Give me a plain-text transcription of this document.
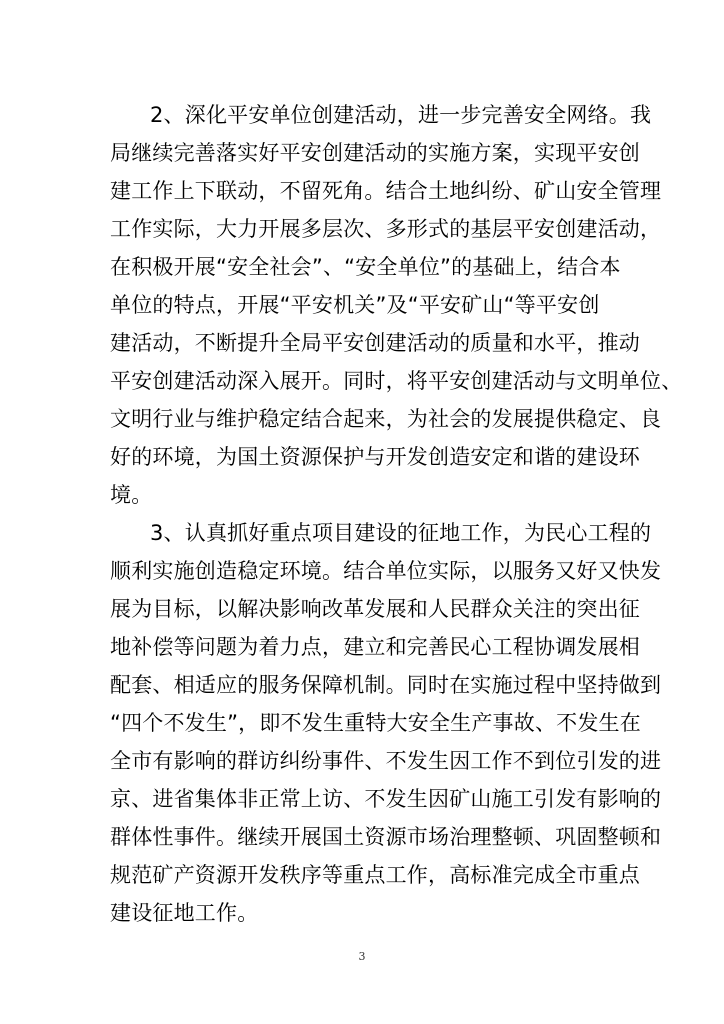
2、深化平安单位创建活动，进一步完善安全网络。我
局继续完善落实好平安创建活动的实施方案，实现平安创
建工作上下联动，不留死角。结合土地纠纷、矿山安全管理
工作实际，大力开展多层次、多形式的基层平安创建活动，
在积极开展“安全社会”、“安全单位”的基础上，结合本
单位的特点，开展“平安机关”及“平安矿山“等平安创
建活动，不断提升全局平安创建活动的质量和水平，推动
平安创建活动深入展开。同时，将平安创建活动与文明单位、
文明行业与维护稳定结合起来，为社会的发展提供稳定、良
好的环境，为国土资源保护与开发创造安定和谐的建设环
境。
3、认真抓好重点项目建设的征地工作，为民心工程的
顺利实施创造稳定环境。结合单位实际，以服务又好又快发
展为目标，以解决影响改革发展和人民群众关注的突出征
地补偿等问题为着力点，建立和完善民心工程协调发展相
配套、相适应的服务保障机制。同时在实施过程中坚持做到
“四个不发生”，即不发生重特大安全生产事故、不发生在
全市有影响的群访纠纷事件、不发生因工作不到位引发的进
京、进省集体非正常上访、不发生因矿山施工引发有影响的
群体性事件。继续开展国土资源市场治理整顿、巩固整顿和
规范矿产资源开发秩序等重点工作，高标准完成全市重点
建设征地工作。
3
